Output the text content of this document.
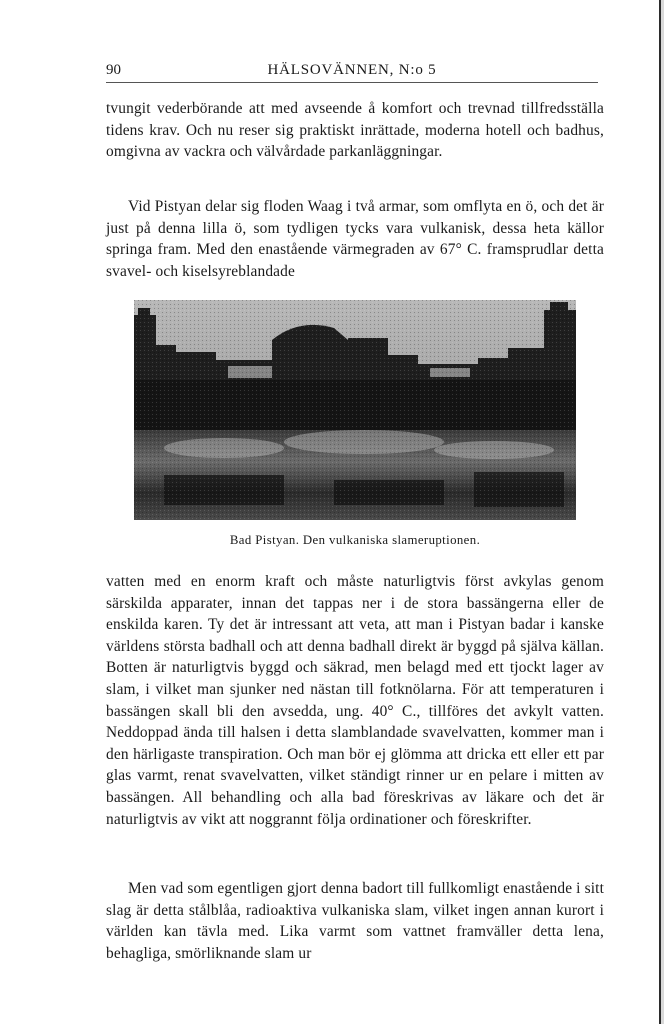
90	HÄLSOVÄNNEN, N:o 5

tvungit vederbörande att med avseende å komfort och trevnad tillfredsställa tidens krav. Och nu reser sig praktiskt inrättade, moderna hotell och badhus, omgivna av vackra och välvårdade parkanläggningar.

Vid Pistyan delar sig floden Waag i två armar, som omflyta en ö, och det är just på denna lilla ö, som tydligen tycks vara vulkanisk, dessa heta källor springa fram. Med den enastående värmegraden av 67° C. framsprudlar detta svavel- och kiselsyreblandade

Bad Pistyan. Den vulkaniska slameruptionen.

vatten med en enorm kraft och måste naturligtvis först avkylas genom särskilda apparater, innan det tappas ner i de stora bassängerna eller de enskilda karen. Ty det är intressant att veta, att man i Pistyan badar i kanske världens största badhall och att denna badhall direkt är byggd på själva källan. Botten är naturligtvis byggd och säkrad, men belagd med ett tjockt lager av slam, i vilket man sjunker ned nästan till fotknölarna. För att temperaturen i bassängen skall bli den avsedda, ung. 40° C., tillföres det avkylt vatten. Neddoppad ända till halsen i detta slamblandade svavelvatten, kommer man i den härligaste transpiration. Och man bör ej glömma att dricka ett eller ett par glas varmt, renat svavelvatten, vilket ständigt rinner ur en pelare i mitten av bassängen. All behandling och alla bad föreskrivas av läkare och det är naturligtvis av vikt att noggrannt följa ordinationer och föreskrifter.

Men vad som egentligen gjort denna badort till fullkomligt enastående i sitt slag är detta stålblåa, radioaktiva vulkaniska slam, vilket ingen annan kurort i världen kan tävla med. Lika varmt som vattnet framväller detta lena, behagliga, smörliknande slam ur
